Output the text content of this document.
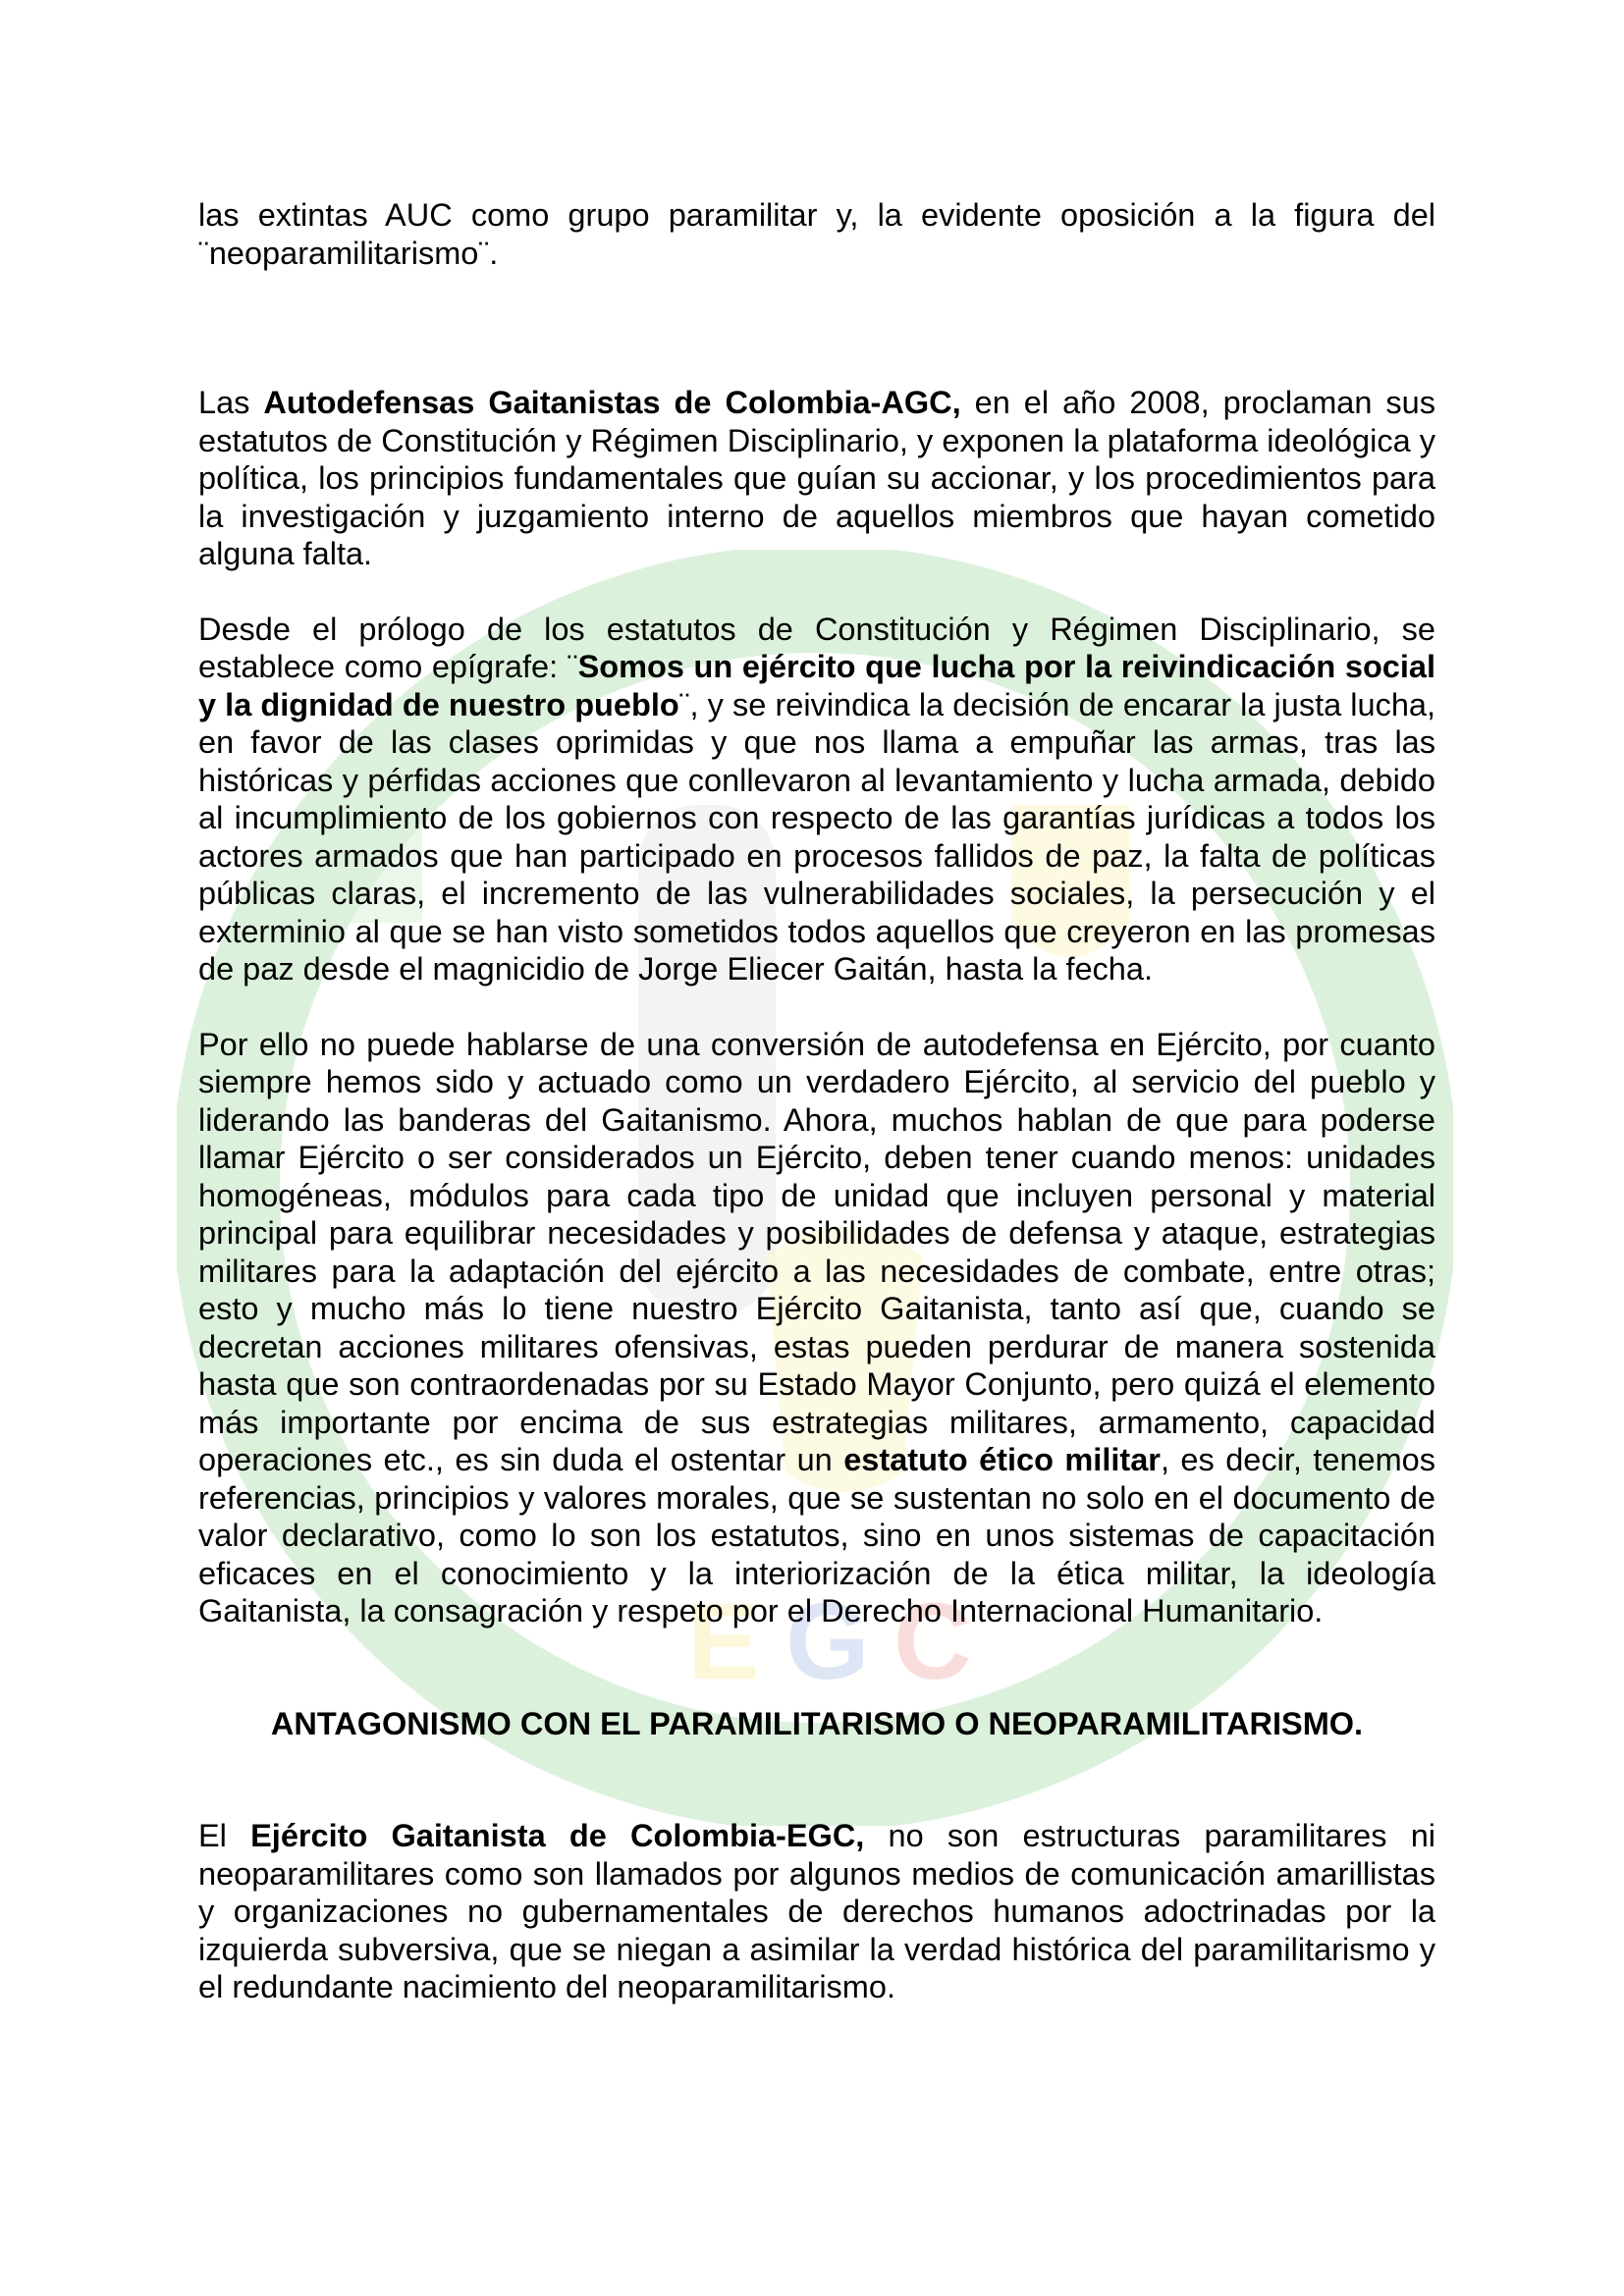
E G C

las extintas AUC como grupo paramilitar y, la evidente oposición a la figura del ¨neoparamilitarismo¨.

Las Autodefensas Gaitanistas de Colombia-AGC, en el año 2008, proclaman sus estatutos de Constitución y Régimen Disciplinario, y exponen la plataforma ideológica y política, los principios fundamentales que guían su accionar, y los procedimientos para la investigación y juzgamiento interno de aquellos miembros que hayan cometido alguna falta.

Desde el prólogo de los estatutos de Constitución y Régimen Disciplinario, se establece como epígrafe: ¨Somos un ejército que lucha por la reivindicación social y la dignidad de nuestro pueblo¨, y se reivindica la decisión de encarar la justa lucha, en favor de las clases oprimidas y que nos llama a empuñar las armas, tras las históricas y pérfidas acciones que conllevaron al levantamiento y lucha armada, debido al incumplimiento de los gobiernos con respecto de las garantías jurídicas a todos los actores armados que han participado en procesos fallidos de paz, la falta de políticas públicas claras, el incremento de las vulnerabilidades sociales, la persecución y el exterminio al que se han visto sometidos todos aquellos que creyeron en las promesas de paz desde el magnicidio de Jorge Eliecer Gaitán, hasta la fecha.

Por ello no puede hablarse de una conversión de autodefensa en Ejército, por cuanto siempre hemos sido y actuado como un verdadero Ejército, al servicio del pueblo y liderando las banderas del Gaitanismo. Ahora, muchos hablan de que para poderse llamar Ejército o ser considerados un Ejército, deben tener cuando menos: unidades homogéneas, módulos para cada tipo de unidad que incluyen personal y material principal para equilibrar necesidades y posibilidades de defensa y ataque, estrategias militares para la adaptación del ejército a las necesidades de combate, entre otras; esto y mucho más lo tiene nuestro Ejército Gaitanista, tanto así que, cuando se decretan acciones militares ofensivas, estas pueden perdurar de manera sostenida hasta que son contraordenadas por su Estado Mayor Conjunto, pero quizá el elemento más importante por encima de sus estrategias militares, armamento, capacidad operaciones etc., es sin duda el ostentar un estatuto ético militar, es decir, tenemos referencias, principios y valores morales, que se sustentan no solo en el documento de valor declarativo, como lo son los estatutos, sino en unos sistemas de capacitación eficaces en el conocimiento y la interiorización de la ética militar, la ideología Gaitanista, la consagración y respeto por el Derecho Internacional Humanitario.

ANTAGONISMO CON EL PARAMILITARISMO O NEOPARAMILITARISMO.

El Ejército Gaitanista de Colombia-EGC, no son estructuras paramilitares ni neoparamilitares como son llamados por algunos medios de comunicación amarillistas y organizaciones no gubernamentales de derechos humanos adoctrinadas por la izquierda subversiva, que se niegan a asimilar la verdad histórica del paramilitarismo y el redundante nacimiento del neoparamilitarismo.
